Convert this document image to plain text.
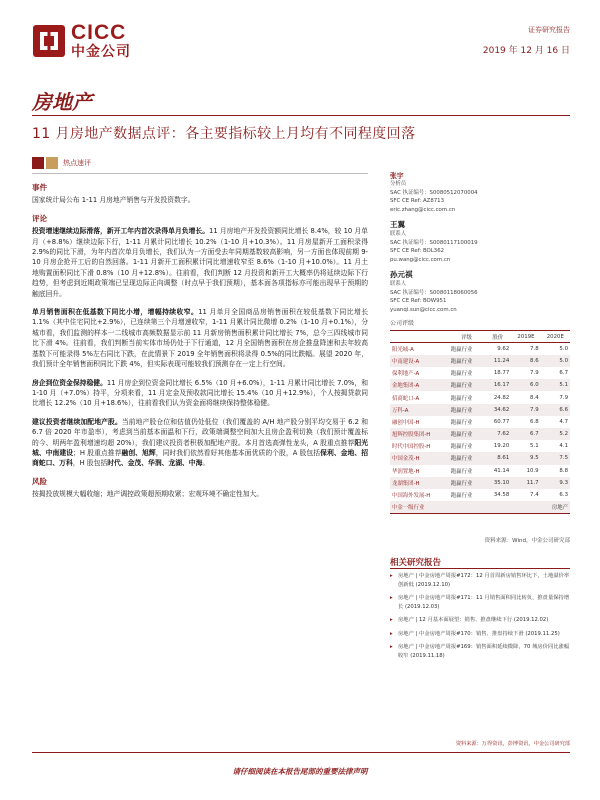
CICC
中金公司
证券研究报告
2019 年 12 月 16 日
房地产
11 月房地产数据点评：各主要指标较上月均有不同程度回落
热点速评
事件
国家统计局公布 1-11 月房地产销售与开发投资数字。
评论
投资增速继续边际滑落，新开工年内首次录得单月负增长。11 月房地产开发投资额同比增长 8.4%，较 10 月单月（+8.8%）继续边际下行，1-11 月累计同比增长 10.2%（1-10 月+10.3%）。11 月房屋新开工面积录得 2.9%的同比下滑，为年内首次单月负增长，我们认为一方面受去年同期基数较高影响，另一方面也体现前期 9-10 月房企抢开工后的自然回落。1-11 月新开工面积累计同比增速收窄至 8.6%（1-10 月+10.0%）。11 月土地购置面积同比下滑 0.8%（10 月+12.8%）。往前看，我们判断 12 月投资和新开工大概率仍将延续边际下行趋势，但考虑到近期政策端已呈现边际正向调整（时点早于我们预期），基本面各项指标亦可能出现早于预期的触底回升。
单月销售面积在低基数下同比小增，增幅持续收窄。11 月单月全国商品房销售面积在较低基数下同比增长 1.1%（其中住宅同比+2.9%），已连续第三个月增速收窄，1-11 月累计同比微增 0.2%（1-10 月+0.1%），分城市看，我们监测的样本一二线城市高频数据显示前 11 月新房销售面积累计同比增长 7%，总今三四线城市同比下滑 4%。往前看，我们判断当前实体市场仍处于下行通道，12 月全国销售面积在房企推盘降速和去年较高基数下可能录得 5%左右同比下跌，在此情景下 2019 全年销售面积将录得 0.5%的同比跌幅。展望 2020 年，我们预计全年销售面积同比下跌 4%，但实际表现可能较我们预测存在一定上行空间。
房企到位资金保持稳健。11 月房企到位资金同比增长 6.5%（10 月+6.0%），1-11 月累计同比增长 7.0%，和 1-10 月（+7.0%）持平，分项来看，11 月定金及预收款同比增长 15.4%（10 月+12.9%），个人按揭贷款同比增长 12.2%（10 月+18.6%），往前看我们认为资金面将继续保持整体稳健。
建议投资者继续加配地产股。当前地产股仓位和估值仍处低位（我们覆盖的 A/H 地产股分别平均交易于 6.2 和 6.7 倍 2020 年市盈率），考虑到当前基本面温和下行，政策端调整空间加大且房企盈利切换（我们预计覆盖标的今、明两年盈利增速均超 20%），我们建议投资者积极加配地产股。本月首选高弹性龙头，A 股重点推荐阳光城、中南建设；H 股重点推荐融创、旭辉，同时我们依然看好其他基本面优质的个股，A 股包括保利、金地、招商蛇口、万科，H 股包括时代、金茂、华润、龙湖、中海。
风险
按揭投放规模大幅收缩；地产调控政策超预期收紧；宏观环境不确定性加大。
张宇
分析员
SAC 执证编号：S0080512070004
SFC CE Ref: AZ8713
eric.zhang@cicc.com.cn
王翼
联系人
SAC 执证编号：S0080117100019
SFC CE Ref: BOL362
pu.wang@cicc.com.cn
孙元祺
联系人
SAC 执证编号：S0080118060056
SFC CE Ref: BOW951
yuanqi.sun@cicc.com.cn
公司评级
	评级	股价	2019E	2020E
阳光城-A	跑赢行业	9.62	7.8	5.0
中南建设-A	跑赢行业	11.24	8.6	5.0
保利地产-A	跑赢行业	18.77	7.9	6.7
金地集团-A	跑赢行业	16.17	6.0	5.1
招商蛇口-A	跑赢行业	24.82	8.4	7.9
万科-A	跑赢行业	34.62	7.9	6.6
融创中国-H	跑赢行业	60.77	6.8	4.7
旭辉控股集团-H	跑赢行业	7.62	6.7	5.2
时代中国控股-H	跑赢行业	19.20	5.1	4.1
中国金茂-H	跑赢行业	8.61	9.5	7.5
华润置地-H	跑赢行业	41.14	10.9	8.8
龙湖集团-H	跑赢行业	35.10	11.7	9.3
中国海外发展-H	跑赢行业	34.58	7.4	6.3
中金一级行业				房地产
资料来源：Wind，中金公司研究部
相关研究报告
▸	房地产 | 中金房地产周报#172：12 月首周新房销售环比下，土地溢价率创新低 (2019.12.10)
▸	房地产 | 中金房地产周报#171：11 月销售面积同比转负，推盘量保持增长 (2019.12.03)
▸	房地产 | 12 月基本面展望：销售、推盘继续下行 (2019.12.02)
▸	房地产 | 中金房地产周报#170：销售、推盘持续下滑 (2019.11.25)
▸	房地产 | 中金房地产周报#169：销售面积延续微降，70 城房价同比涨幅收窄 (2019.11.18)
资料来源：万得资讯，彭博资讯，中金公司研究部
请仔细阅读在本报告尾部的重要法律声明
